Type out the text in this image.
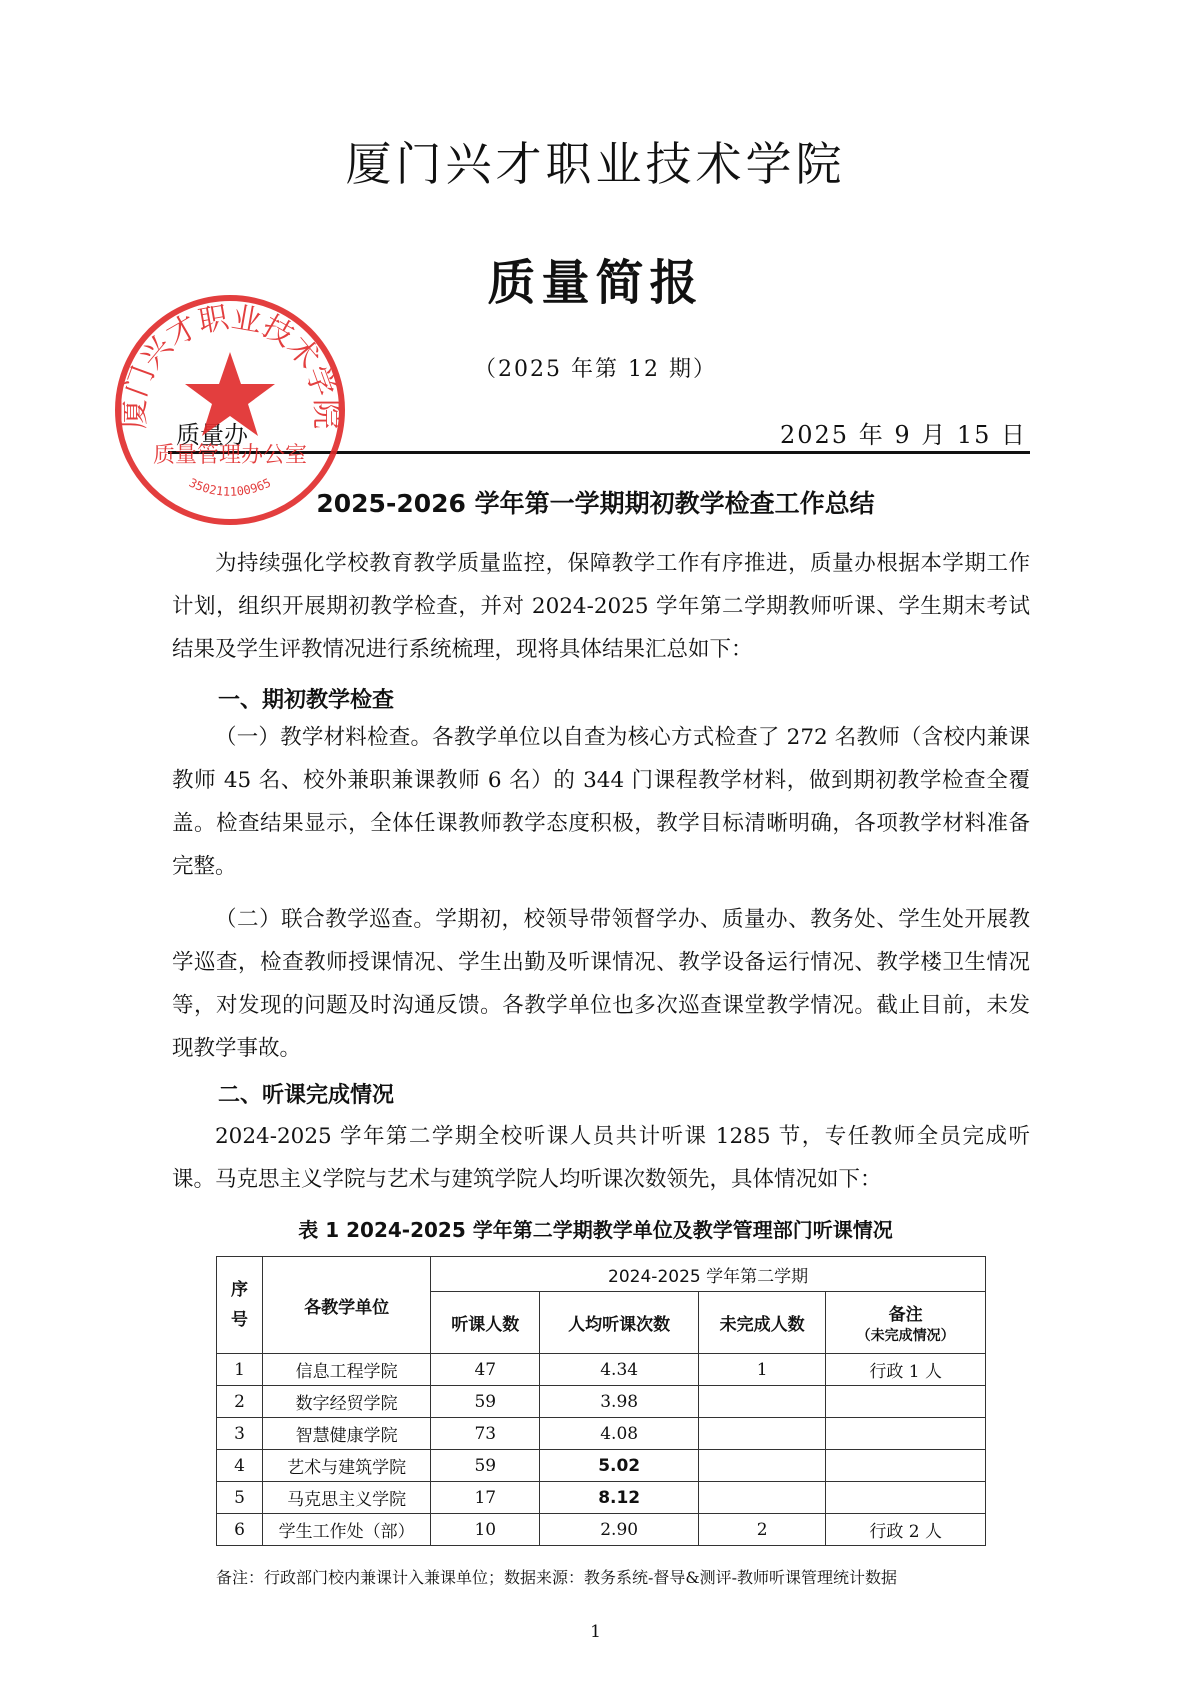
厦门兴才职业技术学院
质量简报
（2025 年第 12 期）
质量办	2025 年 9 月 15 日
厦门兴才职业技术学院
质量管理办公室
350211100965
2025-2026 学年第一学期期初教学检查工作总结
为持续强化学校教育教学质量监控，保障教学工作有序推进，质量办根据本学期工作计划，组织开展期初教学检查，并对 2024-2025 学年第二学期教师听课、学生期末考试结果及学生评教情况进行系统梳理，现将具体结果汇总如下：
一、期初教学检查
（一）教学材料检查。各教学单位以自查为核心方式检查了 272 名教师（含校内兼课教师 45 名、校外兼职兼课教师 6 名）的 344 门课程教学材料，做到期初教学检查全覆盖。检查结果显示，全体任课教师教学态度积极，教学目标清晰明确，各项教学材料准备完整。
（二）联合教学巡查。学期初，校领导带领督学办、质量办、教务处、学生处开展教学巡查，检查教师授课情况、学生出勤及听课情况、教学设备运行情况、教学楼卫生情况等，对发现的问题及时沟通反馈。各教学单位也多次巡查课堂教学情况。截止目前，未发现教学事故。
二、听课完成情况
2024-2025 学年第二学期全校听课人员共计听课 1285 节，专任教师全员完成听课。马克思主义学院与艺术与建筑学院人均听课次数领先，具体情况如下：
表 1 2024-2025 学年第二学期教学单位及教学管理部门听课情况
序号	各教学单位	2024-2025 学年第二学期			
		听课人数	人均听课次数	未完成人数	备注
（未完成情况）

1	信息工程学院	47	4.34	1	行政 1 人
2	数字经贸学院	59	3.98		
3	智慧健康学院	73	4.08		
4	艺术与建筑学院	59	5.02		
5	马克思主义学院	17	8.12		
6	学生工作处（部）	10	2.90	2	行政 2 人
备注：行政部门校内兼课计入兼课单位；数据来源：教务系统-督导&测评-教师听课管理统计数据
1
